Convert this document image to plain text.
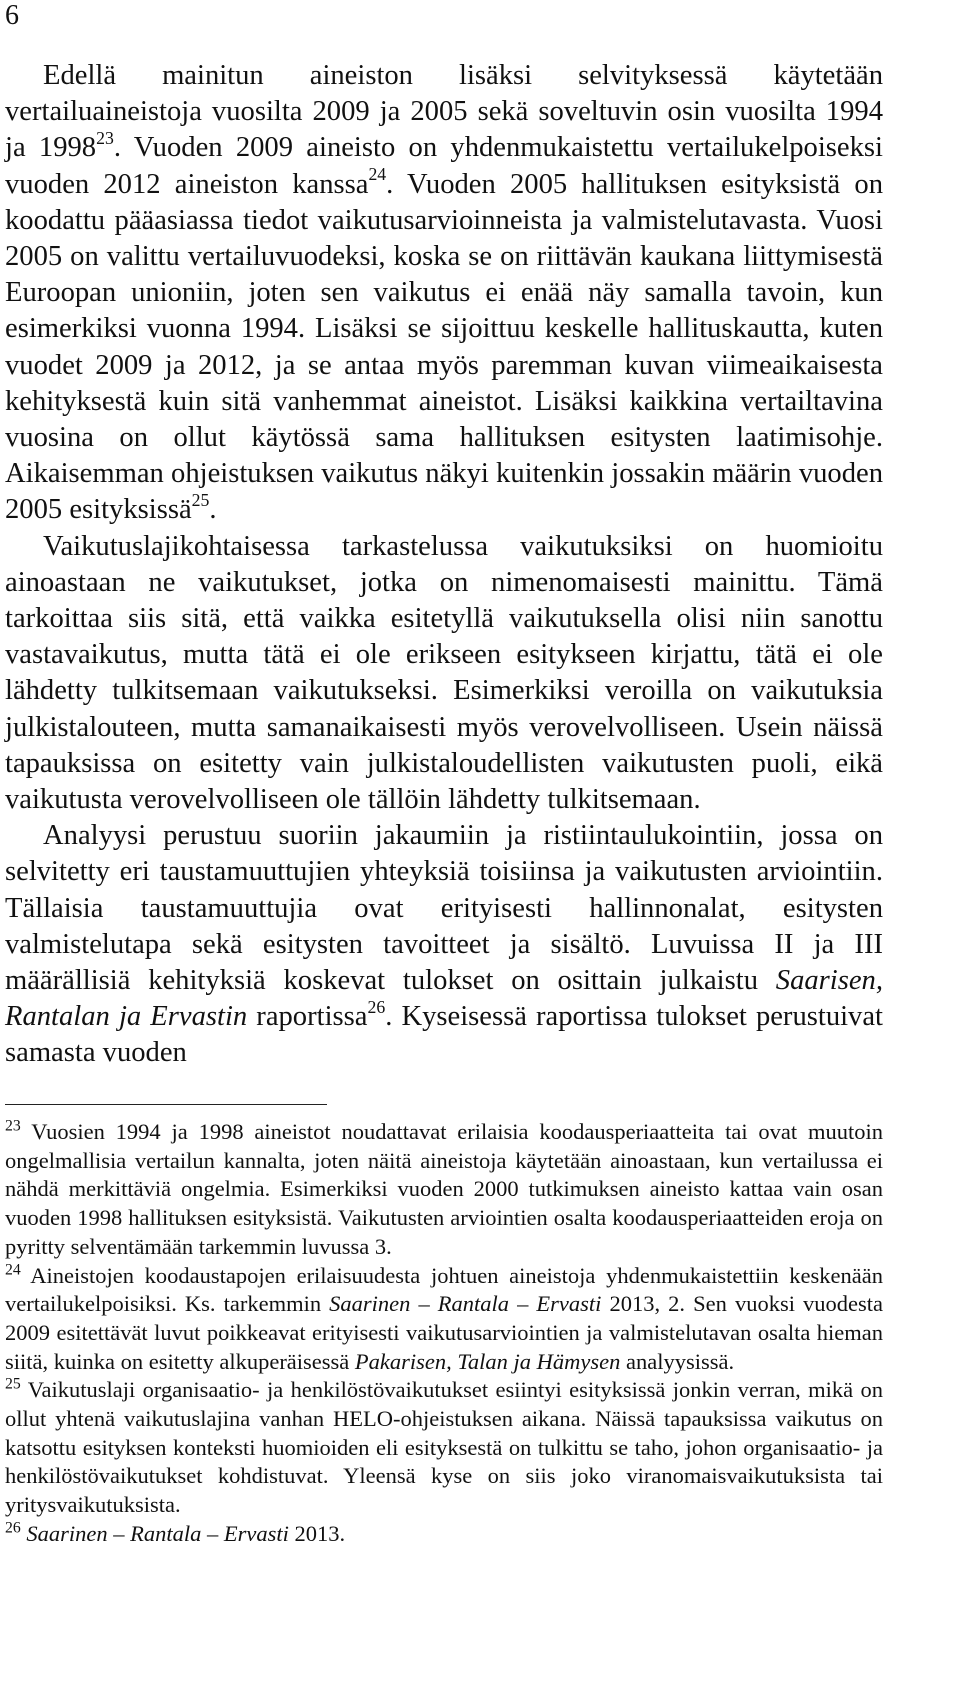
6

Edellä mainitun aineiston lisäksi selvityksessä käytetään vertailuaineistoja vuosilta 2009 ja 2005 sekä soveltuvin osin vuosilta 1994 ja 1998$^{23}$. Vuoden 2009 aineisto on yhdenmukaistettu vertailukelpoiseksi vuoden 2012 aineiston kanssa$^{24}$. Vuoden 2005 hallituksen esityksistä on koodattu pääasiassa tiedot vaikutusarvioinneista ja valmistelutavasta. Vuosi 2005 on valittu vertailuvuodeksi, koska se on riittävän kaukana liittymisestä Euroopan unioniin, joten sen vaikutus ei enää näy samalla tavoin, kun esimerkiksi vuonna 1994. Lisäksi se sijoittuu keskelle hallituskautta, kuten vuodet 2009 ja 2012, ja se antaa myös paremman kuvan viimeaikaisesta kehityksestä kuin sitä vanhemmat aineistot. Lisäksi kaikkina vertailtavina vuosina on ollut käytössä sama hallituksen esitysten laatimisohje. Aikaisemman ohjeistuksen vaikutus näkyi kuitenkin jossakin määrin vuoden 2005 esityksissä$^{25}$.

Vaikutuslajikohtaisessa tarkastelussa vaikutuksiksi on huomioitu ainoastaan ne vaikutukset, jotka on nimenomaisesti mainittu. Tämä tarkoittaa siis sitä, että vaikka esitetyllä vaikutuksella olisi niin sanottu vastavaikutus, mutta tätä ei ole erikseen esitykseen kirjattu, tätä ei ole lähdetty tulkitsemaan vaikutukseksi. Esimerkiksi veroilla on vaikutuksia julkistalouteen, mutta samanaikaisesti myös verovelvolliseen. Usein näissä tapauksissa on esitetty vain julkistaloudellisten vaikutusten puoli, eikä vaikutusta verovelvolliseen ole tällöin lähdetty tulkitsemaan.

Analyysi perustuu suoriin jakaumiin ja ristiintaulukointiin, jossa on selvitetty eri taustamuuttujien yhteyksiä toisiinsa ja vaikutusten arviointiin. Tällaisia taustamuuttujia ovat erityisesti hallinnonalat, esitysten valmistelutapa sekä esitysten tavoitteet ja sisältö. Luvuissa II ja III määrällisiä kehityksiä koskevat tulokset on osittain julkaistu Saarisen, Rantalan ja Ervastin raportissa$^{26}$. Kyseisessä raportissa tulokset perustuivat samasta vuoden

$^{23}$ Vuosien 1994 ja 1998 aineistot noudattavat erilaisia koodausperiaatteita tai ovat muutoin ongelmallisia vertailun kannalta, joten näitä aineistoja käytetään ainoastaan, kun vertailussa ei nähdä merkittäviä ongelmia. Esimerkiksi vuoden 2000 tutkimuksen aineisto kattaa vain osan vuoden 1998 hallituksen esityksistä. Vaikutusten arviointien osalta koodausperiaatteiden eroja on pyritty selventämään tarkemmin luvussa 3.

$^{24}$ Aineistojen koodaustapojen erilaisuudesta johtuen aineistoja yhdenmukaistettiin keskenään vertailukelpoisiksi. Ks. tarkemmin Saarinen – Rantala – Ervasti 2013, 2. Sen vuoksi vuodesta 2009 esitettävät luvut poikkeavat erityisesti vaikutusarviointien ja valmistelutavan osalta hieman siitä, kuinka on esitetty alkuperäisessä Pakarisen, Talan ja Hämysen analyysissä.

$^{25}$ Vaikutuslaji organisaatio- ja henkilöstövaikutukset esiintyi esityksissä jonkin verran, mikä on ollut yhtenä vaikutuslajina vanhan HELO-ohjeistuksen aikana. Näissä tapauksissa vaikutus on katsottu esityksen konteksti huomioiden eli esityksestä on tulkittu se taho, johon organisaatio- ja henkilöstövaikutukset kohdistuvat. Yleensä kyse on siis joko viranomaisvaikutuksista tai yritysvaikutuksista.

$^{26}$ Saarinen – Rantala – Ervasti 2013.
